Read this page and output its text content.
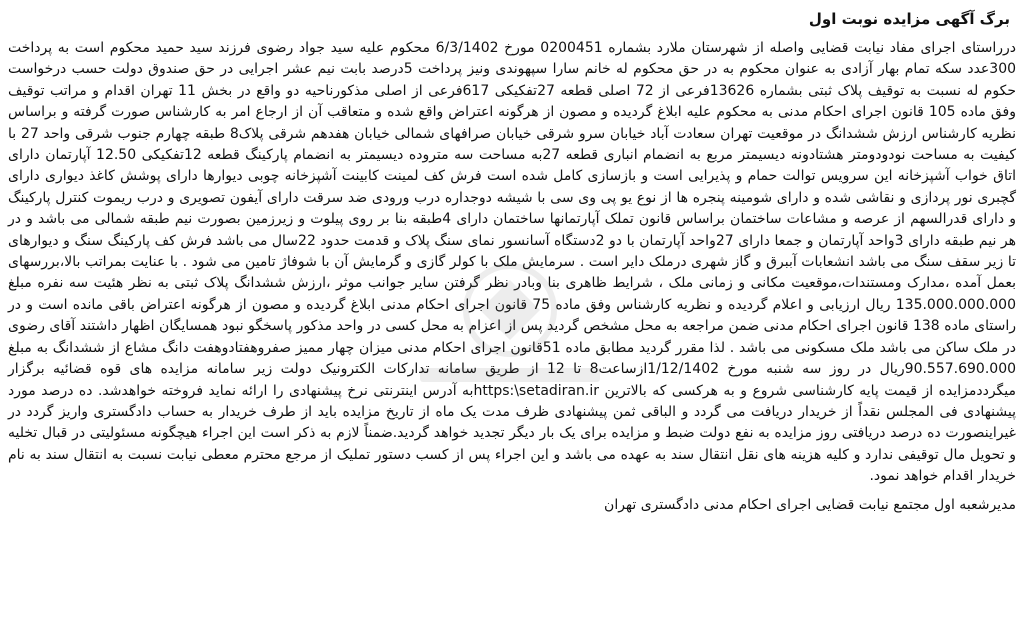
برگ آگهی مزایده نوبت اول

درراستای اجرای مفاد نیابت قضایی واصله از شهرستان ملارد بشماره 0200451 مورخ 6/3/1402 محکوم علیه سید جواد رضوی فرزند سید حمید محکوم است به پرداخت 300عدد سکه تمام بهار آزادی به عنوان محکوم به در حق محکوم له خانم سارا سپهوندی ونیز پرداخت 5درصد بابت نیم عشر اجرایی در حق صندوق دولت حسب درخواست حکوم له نسبت به توقیف پلاک ثبتی بشماره 13626فرعی از 72 اصلی قطعه 27تفکیکی 617فرعی از اصلی مذکورناحیه دو واقع در بخش 11 تهران اقدام و مراتب توقیف وفق ماده 105 قانون اجرای احکام مدنی به محکوم علیه ابلاغ گردیده و مصون از هرگونه اعتراض واقع شده و متعاقب آن از ارجاع امر به کارشناس صورت گرفته و براساس نظریه کارشناس ارزش ششدانگ در موقعیت تهران سعادت آباد خیابان سرو شرقی خیابان صرافهای شمالی خیابان هفدهم شرقی پلاک8 طبقه چهارم جنوب شرقی واحد 27 با کیفیت به مساحت نودودومتر هشتادونه دیسیمتر مربع به انضمام انباری قطعه 27به مساحت سه متروده دیسیمتر به انضمام پارکینگ قطعه 12تفکیکی 12.50 آپارتمان دارای اتاق خواب آشپزخانه این سرویس توالت حمام و پذیرایی است و بازسازی کامل شده است فرش کف لمینت کابینت آشپزخانه چوبی دیوارها دارای پوشش کاغذ دیواری دارای گچبری نور پردازی و نقاشی شده و دارای شومینه پنجره ها از نوع یو پی وی سی با شیشه دوجداره درب ورودی ضد سرقت دارای آیفون تصویری و درب ریموت کنترل پارکینگ و دارای قدرالسهم از عرصه و مشاعات ساختمان براساس قانون تملک آپارتمانها ساختمان دارای 4طبقه بنا بر روی پیلوت و زیرزمین بصورت نیم طبقه شمالی می باشد و در هر نیم طبقه دارای 3واحد آپارتمان و جمعا دارای 27واحد آپارتمان با دو 2دستگاه آسانسور نمای سنگ پلاک و قدمت حدود 22سال می باشد فرش کف پارکینگ سنگ و دیوارهای تا زیر سقف سنگ می باشد انشعابات آببرق و گاز شهری درملک دایر است . سرمایش ملک با کولر گازی و گرمایش آن با شوفاژ تامین می شود . با عنایت بمراتب بالا،بررسهای بعمل آمده ،مدارک ومستندات،موقعیت مکانی و زمانی ملک ، شرایط ظاهری بنا وبادر نظر گرفتن سایر جوانب موثر ،ارزش ششدانگ پلاک ثبتی به نظر هئیت سه نفره مبلغ 135.000.000.000 ریال ارزیابی و اعلام گردیده و نظریه کارشناس وفق ماده 75 قانون اجرای احکام مدنی ابلاغ گردیده و مصون از هرگونه اعتراض باقی مانده است و در راستای ماده 138 قانون اجرای احکام مدنی ضمن مراجعه به محل مشخص گردید پس از اعزام به محل کسی در واحد مذکور پاسخگو نبود همسایگان اظهار داشتند آقای رضوی در ملک ساکن می باشد ملک مسکونی می باشد . لذا مقرر گردید مطابق ماده 51قانون اجرای احکام مدنی میزان چهار ممیز صفروهفتادوهفت دانگ مشاع از ششدانگ به مبلغ 90.557.690.000ریال در روز سه شنبه مورخ 1/12/1402ازساعت8 تا 12 از طریق سامانه تدارکات الکترونیک دولت زیر سامانه مزایده های قوه قضائیه برگزار میگرددمزایده از قیمت پایه کارشناسی شروع و به هرکسی که بالاترین https:\setadiran.irبه آدرس اینترنتی نرخ پیشنهادی را ارائه نماید فروخته خواهدشد. ده درصد مورد پیشنهادی فی المجلس نقداً از خریدار دریافت می گردد و الباقی ثمن پیشنهادی ظرف مدت یک ماه از تاریخ مزایده باید از طرف خریدار به حساب دادگستری واریز گردد در غیراینصورت ده درصد دریافتی روز مزایده به نفع دولت ضبط و مزایده برای یک بار دیگر تجدید خواهد گردید.ضمناً لازم به ذکر است این اجراء هیچگونه مسئولیتی در قبال تخلیه و تحویل مال توقیفی ندارد و کلیه هزینه های نقل انتقال سند به عهده می باشد و این اجراء پس از کسب دستور تملیک از مرجع محترم معطی نیابت نسبت به انتقال سند به نام خریدار اقدام خواهد نمود.

مدیرشعبه اول مجتمع نیابت قضایی اجرای احکام مدنی دادگستری تهران
